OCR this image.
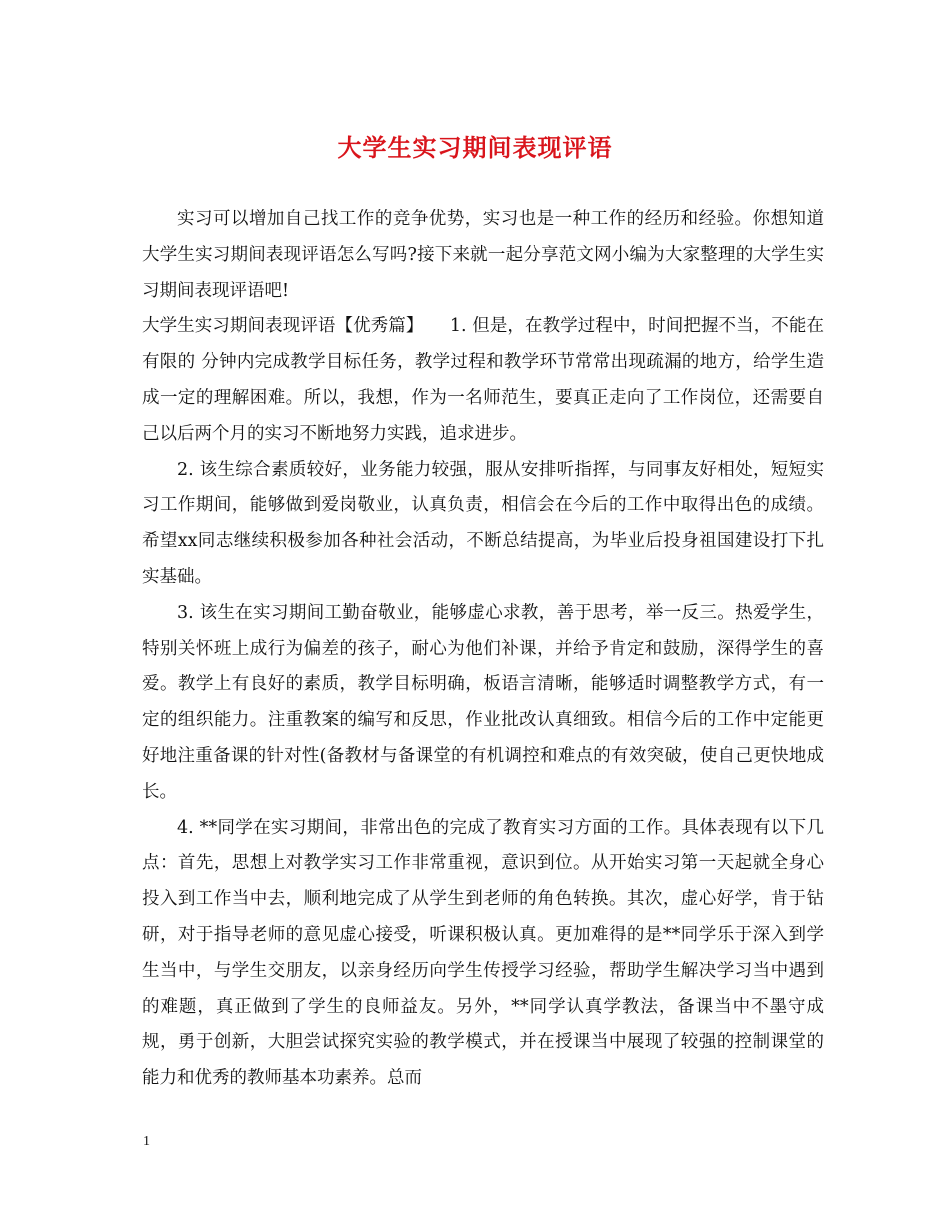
大学生实习期间表现评语

实习可以增加自己找工作的竞争优势，实习也是一种工作的经历和经验。你想知道大学生实习期间表现评语怎么写吗?接下来就一起分享范文网小编为大家整理的大学生实习期间表现评语吧!

大学生实习期间表现评语【优秀篇】　　1. 但是，在教学过程中，时间把握不当，不能在有限的 分钟内完成教学目标任务，教学过程和教学环节常常出现疏漏的地方，给学生造成一定的理解困难。所以，我想，作为一名师范生，要真正走向了工作岗位，还需要自己以后两个月的实习不断地努力实践，追求进步。

2. 该生综合素质较好，业务能力较强，服从安排听指挥，与同事友好相处，短短实习工作期间，能够做到爱岗敬业，认真负责，相信会在今后的工作中取得出色的成绩。希望xx同志继续积极参加各种社会活动，不断总结提高，为毕业后投身祖国建设打下扎实基础。

3. 该生在实习期间工勤奋敬业，能够虚心求教，善于思考，举一反三。热爱学生，特别关怀班上成行为偏差的孩子，耐心为他们补课，并给予肯定和鼓励，深得学生的喜爱。教学上有良好的素质，教学目标明确，板语言清晰，能够适时调整教学方式，有一定的组织能力。注重教案的编写和反思，作业批改认真细致。相信今后的工作中定能更好地注重备课的针对性(备教材与备课堂的有机调控和难点的有效突破，使自己更快地成长。

4. **同学在实习期间，非常出色的完成了教育实习方面的工作。具体表现有以下几点：首先，思想上对教学实习工作非常重视，意识到位。从开始实习第一天起就全身心投入到工作当中去，顺利地完成了从学生到老师的角色转换。其次，虚心好学，肯于钻研，对于指导老师的意见虚心接受，听课积极认真。更加难得的是**同学乐于深入到学生当中，与学生交朋友，以亲身经历向学生传授学习经验，帮助学生解决学习当中遇到的难题，真正做到了学生的良师益友。另外，**同学认真学教法，备课当中不墨守成规，勇于创新，大胆尝试探究实验的教学模式，并在授课当中展现了较强的控制课堂的能力和优秀的教师基本功素养。总而

1
